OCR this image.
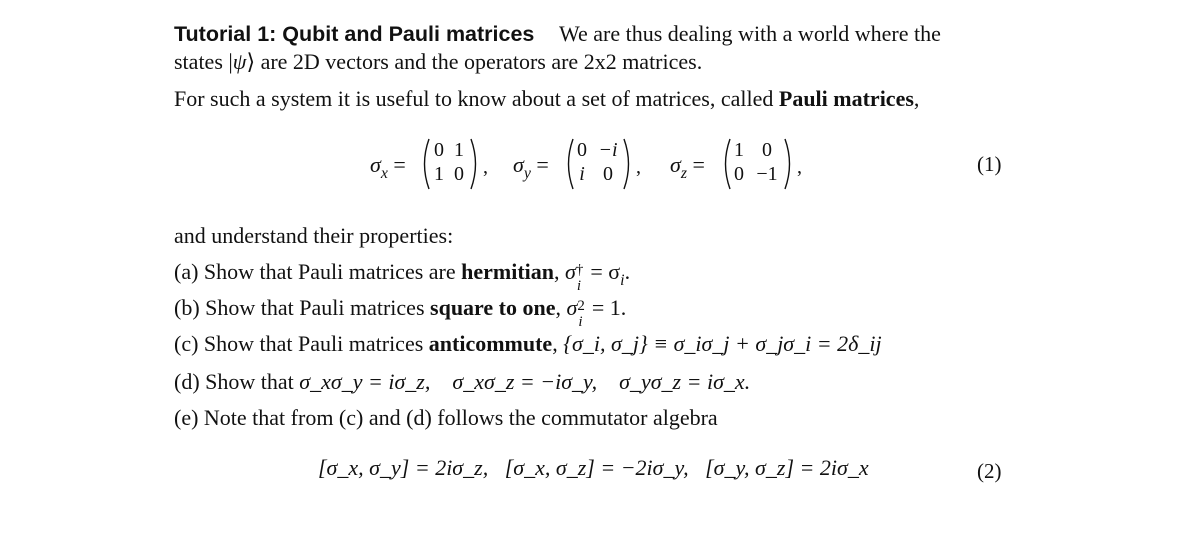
Tutorial 1: Qubit and Pauli matrices We are thus dealing with a world where the
states |ψ⟩ are 2D vectors and the operators are 2x2 matrices.
For such a system it is useful to know about a set of matrices, called Pauli matrices,
$\sigma_x$ =
0 1
1 0 , $\sigma_y$ =
0 −i
i 0	, $\sigma_z$ =
1 0
0 −1 ,	(1)
and understand their properties:
(a) Show that Pauli matrices are hermitian, σ †
i
= $\sigma_i$.
(b) Show that Pauli matrices square to one, σ 2
i
= 1.
(c) Show that Pauli matrices anticommute, {σ_i, σ_j} ≡ σ_iσ_j + σ_jσ_i = 2δ_ij
(d) Show that σ_xσ_y = iσ_z,    σ_xσ_z = −iσ_y,    σ_yσ_z = iσ_x.
(e) Note that from (c) and (d) follows the commutator algebra
[σ_x, σ_y] = 2iσ_z,   [σ_x, σ_z] = −2iσ_y,   [σ_y, σ_z] = 2iσ_x	(2)
